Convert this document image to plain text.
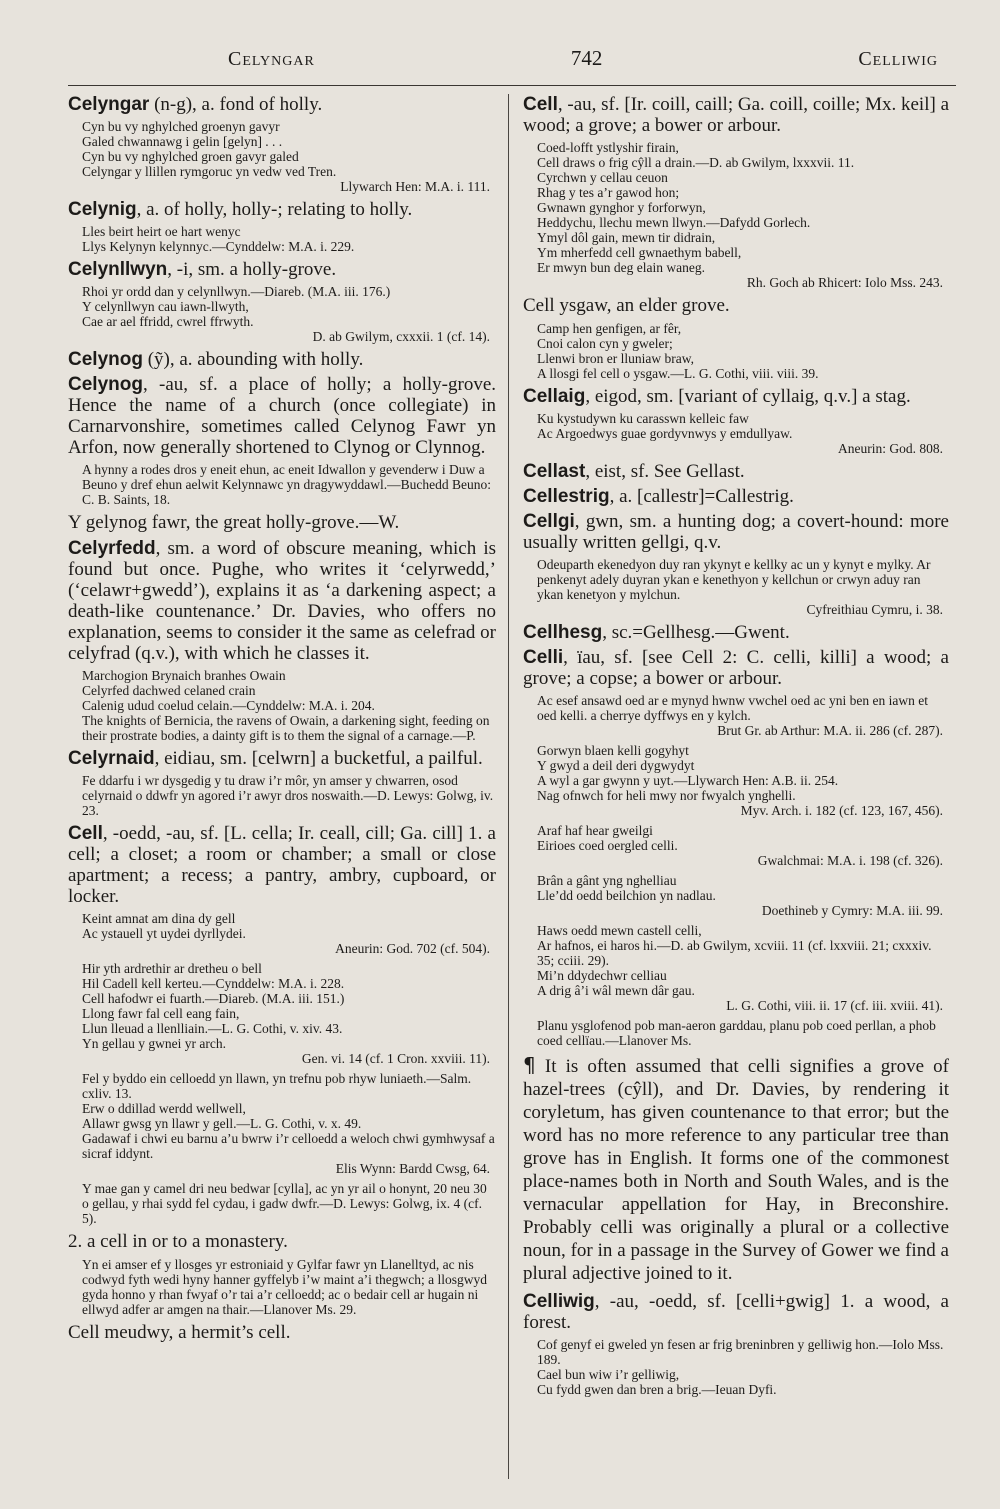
Celyngar	742	Celliwig

Celyngar (n-g), a. fond of holly.

Cyn bu vy nghylched groenyn gavyr
Galed chwannawg i gelin [gelyn] . . .
Cyn bu vy nghylched groen gavyr galed
Celyngar y llillen rymgoruc yn vedw ved Tren.
Llywarch Hen: M.A. i. 111.

Celynig, a. of holly, holly-; relating to holly.

Lles beirt heirt oe hart wenyc
Llys Kelynyn kelynnyc.—Cynddelw: M.A. i. 229.

Celynllwyn, -i, sm. a holly-grove.

Rhoi yr ordd dan y celynllwyn.—Diareb. (M.A. iii. 176.)
Y celynllwyn cau iawn-llwyth,
Cae ar ael ffridd, cwrel ffrwyth.
D. ab Gwilym, cxxxii. 1 (cf. 14).

Celynog (ỹ), a. abounding with holly.

Celynog, -au, sf. a place of holly; a holly-grove. Hence the name of a church (once collegiate) in Carnarvonshire, sometimes called Celynog Fawr yn Arfon, now generally shortened to Clynog or Clynnog.

A hynny a rodes dros y eneit ehun, ac eneit Idwallon y gevenderw i Duw a Beuno y dref ehun aelwit Kelynnawc yn dragywyddawl.—Buchedd Beuno: C. B. Saints, 18.

Y gelynog fawr, the great holly-grove.—W.

Celyrfedd, sm. a word of obscure meaning, which is found but once. Pughe, who writes it ‘celyrwedd,’ (‘celawr+gwedd’), explains it as ‘a darkening aspect; a death-like countenance.’ Dr. Davies, who offers no explanation, seems to consider it the same as celefrad or celyfrad (q.v.), with which he classes it.

Marchogion Brynaich branhes Owain
Celyrfed dachwed celaned crain
Calenig udud coelud celain.—Cynddelw: M.A. i. 204.
The knights of Bernicia, the ravens of Owain, a darkening sight, feeding on their prostrate bodies, a dainty gift is to them the signal of a carnage.—P.

Celyrnaid, eidiau, sm. [celwrn] a bucketful, a pailful.

Fe ddarfu i wr dysgedig y tu draw i’r môr, yn amser y chwarren, osod celyrnaid o ddwfr yn agored i’r awyr dros noswaith.—D. Lewys: Golwg, iv. 23.

Cell, -oedd, -au, sf. [L. cella; Ir. ceall, cill; Ga. cill] 1. a cell; a closet; a room or chamber; a small or close apartment; a recess; a pantry, ambry, cupboard, or locker.

Keint amnat am dina dy gell
Ac ystauell yt uydei dyrllydei.
Aneurin: God. 702 (cf. 504).
Hir yth ardrethir ar dretheu o bell
Hil Cadell kell kerteu.—Cynddelw: M.A. i. 228.
Cell hafodwr ei fuarth.—Diareb. (M.A. iii. 151.)
Llong fawr fal cell eang fain,
Llun lleuad a llenlliain.—L. G. Cothi, v. xiv. 43.
Yn gellau y gwnei yr arch.
Gen. vi. 14 (cf. 1 Cron. xxviii. 11).
Fel y byddo ein celloedd yn llawn, yn trefnu pob rhyw luniaeth.—Salm. cxliv. 13.
Erw o ddillad werdd wellwell,
Allawr gwsg yn llawr y gell.—L. G. Cothi, v. x. 49.
Gadawaf i chwi eu barnu a’u bwrw i’r celloedd a weloch chwi gymhwysaf a sicraf iddynt.
Elis Wynn: Bardd Cwsg, 64.
Y mae gan y camel dri neu bedwar [cylla], ac yn yr ail o honynt, 20 neu 30 o gellau, y rhai sydd fel cydau, i gadw dwfr.—D. Lewys: Golwg, ix. 4 (cf. 5).

2. a cell in or to a monastery.

Yn ei amser ef y llosges yr estroniaid y Gylfar fawr yn Llanelltyd, ac nis codwyd fyth wedi hyny hanner gyffelyb i’w maint a’i thegwch; a llosgwyd gyda honno y rhan fwyaf o’r tai a’r celloedd; ac o bedair cell ar hugain ni ellwyd adfer ar amgen na thair.—Llanover Ms. 29.

Cell meudwy, a hermit’s cell.

Cell, -au, sf. [Ir. coill, caill; Ga. coill, coille; Mx. keil] a wood; a grove; a bower or arbour.

Coed-lofft ystlyshir firain,
Cell draws o frig cŷll a drain.—D. ab Gwilym, lxxxvii. 11.
Cyrchwn y cellau ceuon
Rhag y tes a’r gawod hon;
Gwnawn gynghor y forforwyn,
Heddychu, llechu mewn llwyn.—Dafydd Gorlech.
Ymyl dôl gain, mewn tir didrain,
Ym mherfedd cell gwnaethym babell,
Er mwyn bun deg elain waneg.
Rh. Goch ab Rhicert: Iolo Mss. 243.

Cell ysgaw, an elder grove.

Camp hen genfigen, ar fêr,
Cnoi calon cyn y gweler;
Llenwi bron er lluniaw braw,
A llosgi fel cell o ysgaw.—L. G. Cothi, viii. viii. 39.

Cellaig, eigod, sm. [variant of cyllaig, q.v.] a stag.

Ku kystudywn ku carasswn kelleic faw
Ac Argoedwys guae gordyvnwys y emdullyaw.
Aneurin: God. 808.

Cellast, eist, sf. See Gellast.

Cellestrig, a. [callestr]=Callestrig.

Cellgi, gwn, sm. a hunting dog; a covert-hound: more usually written gellgi, q.v.

Odeuparth ekenedyon duy ran ykynyt e kellky ac un y kynyt e mylky. Ar penkenyt adely duyran ykan e kenethyon y kellchun or crwyn aduy ran ykan kenetyon y mylchun.
Cyfreithiau Cymru, i. 38.

Cellhesg, sc.=Gellhesg.—Gwent.

Celli, ïau, sf. [see Cell 2: C. celli, killi] a wood; a grove; a copse; a bower or arbour.

Ac esef ansawd oed ar e mynyd hwnw vwchel oed ac yni ben en iawn et oed kelli. a cherrye dyffwys en y kylch.
Brut Gr. ab Arthur: M.A. ii. 286 (cf. 287).
Gorwyn blaen kelli gogyhyt
Y gwyd a deil deri dygwydyt
A wyl a gar gwynn y uyt.—Llywarch Hen: A.B. ii. 254.
Nag ofnwch for heli mwy nor fwyalch ynghelli.
Myv. Arch. i. 182 (cf. 123, 167, 456).
Araf haf hear gweilgi
Eirioes coed oergled celli.
Gwalchmai: M.A. i. 198 (cf. 326).
Brân a gânt yng nghelliau
Lle’dd oedd beilchion yn nadlau.
Doethineb y Cymry: M.A. iii. 99.
Haws oedd mewn castell celli,
Ar hafnos, ei haros hi.—D. ab Gwilym, xcviii. 11 (cf. lxxviii. 21; cxxxiv. 35; cciii. 29).
Mi’n ddydechwr celliau
A drig â’i wâl mewn dâr gau.
L. G. Cothi, viii. ii. 17 (cf. iii. xviii. 41).
Planu ysglofenod pob man-aeron garddau, planu pob coed perllan, a phob coed cellïau.—Llanover Ms.

¶ It is often assumed that celli signifies a grove of hazel-trees (cŷll), and Dr. Davies, by rendering it coryletum, has given countenance to that error; but the word has no more reference to any particular tree than grove has in English. It forms one of the commonest place-names both in North and South Wales, and is the vernacular appellation for Hay, in Breconshire. Probably celli was originally a plural or a collective noun, for in a passage in the Survey of Gower we find a plural adjective joined to it.

Celliwig, -au, -oedd, sf. [celli+gwig] 1. a wood, a forest.

Cof genyf ei gweled yn fesen ar frig breninbren y gelliwig hon.—Iolo Mss. 189.
Cael bun wiw i’r gelliwig,
Cu fydd gwen dan bren a brig.—Ieuan Dyfi.
